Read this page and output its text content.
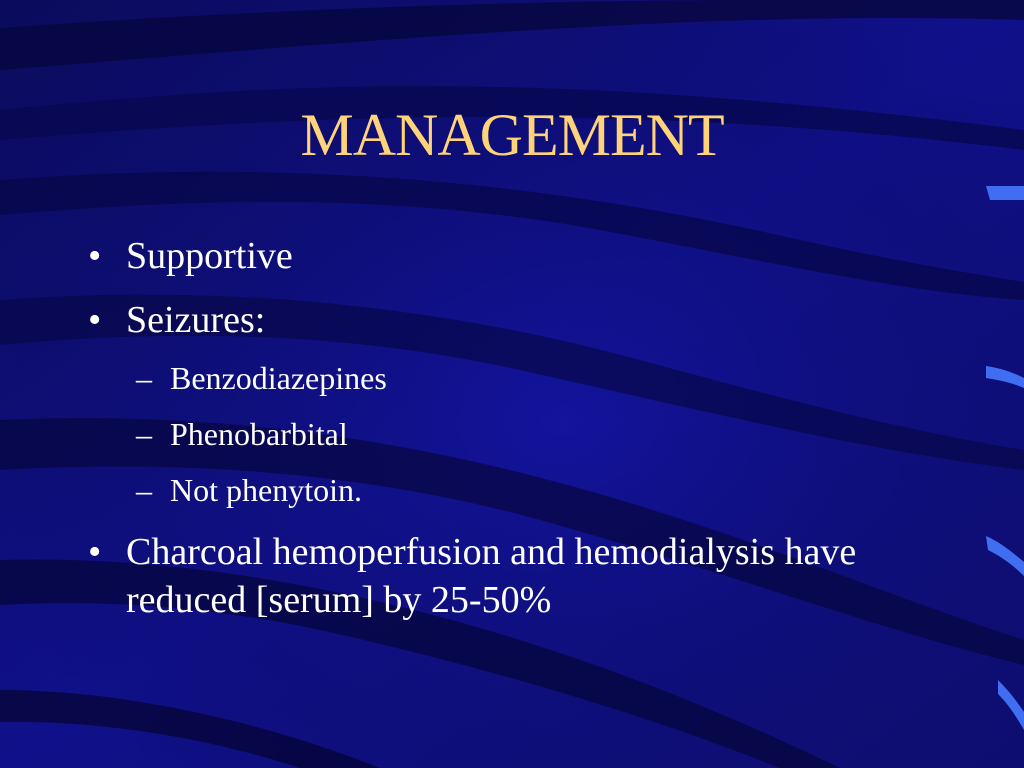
MANAGEMENT
• Supportive
• Seizures:
– Benzodiazepines
– Phenobarbital
– Not phenytoin.
• Charcoal hemoperfusion and hemodialysis have reduced [serum] by 25-50%
